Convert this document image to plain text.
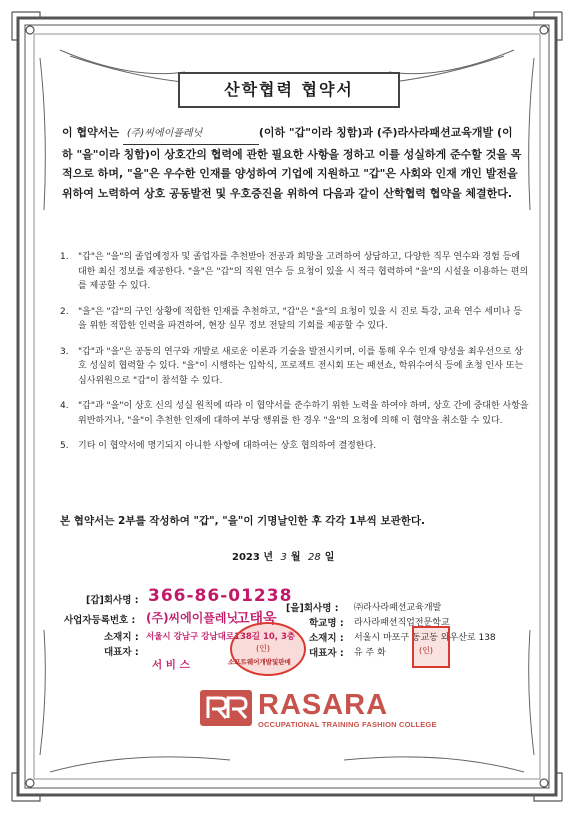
산학협력 협약서
이 협약서는 (주)씨에이플레닛	(이하 "갑"이라 칭함)과 (주)라사라패션교육개발 (이하 "을"이라 칭함)이 상호간의 협력에 관한 필요한 사항을 정하고 이를 성실하게 준수할 것을 목적으로 하며, "을"은 우수한 인재를 양성하여 기업에 지원하고 "갑"은 사회와 인재 개인 발전을 위하여 노력하여 상호 공동발전 및 우호증진을 위하여 다음과 같이 산학협력 협약을 체결한다.
1. "갑"은 "을"의 졸업예정자 및 졸업자를 추천받아 전공과 희망을 고려하여 상담하고, 다양한 직무 연수와 경험 등에 대한 최신 정보를 제공한다. "을"은 "갑"의 직원 연수 등 요청이 있을 시 적극 협력하여 "을"의 시설을 이용하는 편의를 제공할 수 있다.
2. "을"은 "갑"의 구인 상황에 적합한 인재를 추천하고, "갑"은 "을"의 요청이 있을 시 진로 특강, 교육 연수 세미나 등을 위한 적합한 인력을 파견하여, 현장 실무 정보 전달의 기회를 제공할 수 있다.
3. "갑"과 "을"은 공동의 연구와 개발로 새로운 이론과 기술을 발전시키며, 이를 통해 우수 인재 양성을 최우선으로 상호 성실히 협력할 수 있다. "을"이 시행하는 입학식, 프로젝트 전시회 또는 패션쇼, 학위수여식 등에 초청 인사 또는 심사위원으로 "갑"이 참석할 수 있다.
4. "갑"과 "을"이 상호 신의 성실 원칙에 따라 이 협약서를 준수하기 위한 노력을 하여야 하며, 상호 간에 중대한 사항을 위반하거나, "을"이 추천한 인재에 대하여 부당 행위를 한 경우 "을"의 요청에 의해 이 협약을 취소할 수 있다.
5. 기타 이 협약서에 명기되지 아니한 사항에 대하여는 상호 협의하여 결정한다.
본 협약서는 2부를 작성하여 "갑", "을"이 기명날인한 후 각각 1부씩 보관한다.
2023 년 3 월 28 일
[갑]회사명 : 366-86-01238
사업자등록번호 : (주)씨에이플레닛
고태욱
소재지 : 서울시 강남구 강남대로138길 10, 3층
대표자 :
서 비 스
(인)
소프트웨어개발및판매
[을]회사명 : ㈜라사라패션교육개발
학교명 : 라사라패션직업전문학교
소재지 : 서울시 마포구 동교동 와우산로 138
대표자 : 유 주 화	(인)
RASARA
OCCUPATIONAL TRAINING FASHION COLLEGE
